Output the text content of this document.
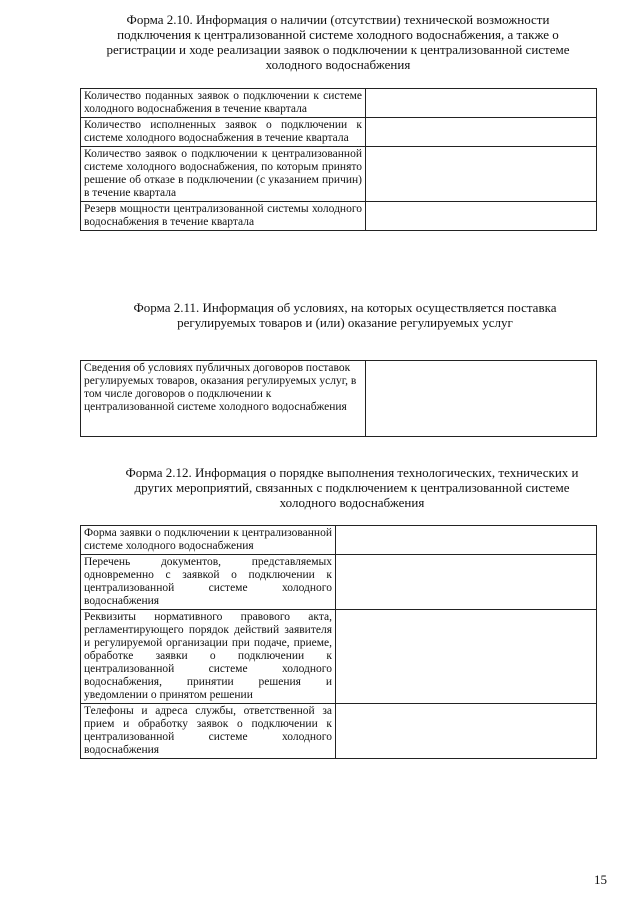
Форма 2.10. Информация о наличии (отсутствии) технической возможности
подключения к централизованной системе холодного водоснабжения, а также о
регистрации и ходе реализации заявок о подключении к централизованной системе
холодного водоснабжения
Количество поданных заявок о подключении к системе холодного водоснабжения в течение квартала	
Количество исполненных заявок о подключении к системе холодного водоснабжения в течение квартала	
Количество заявок о подключении к централизованной системе холодного водоснабжения, по которым принято решение об отказе в подключении (с указанием причин) в течение квартала	
Резерв мощности централизованной системы холодного водоснабжения в течение квартала	
Форма 2.11. Информация об условиях, на которых осуществляется поставка
регулируемых товаров и (или) оказание регулируемых услуг
Сведения об условиях публичных договоров поставок регулируемых товаров, оказания регулируемых услуг, в том числе договоров о подключении к централизованной системе холодного водоснабжения	
Форма 2.12. Информация о порядке выполнения технологических, технических и
других мероприятий, связанных с подключением к централизованной системе
холодного водоснабжения
Форма заявки о подключении к централизованной системе холодного водоснабжения	
Перечень документов, представляемых одновременно с заявкой о подключении к централизованной системе холодного водоснабжения	
Реквизиты нормативного правового акта, регламентирующего порядок действий заявителя и регулируемой организации при подаче, приеме, обработке заявки о подключении к централизованной системе холодного водоснабжения, принятии решения и уведомлении о принятом решении	
Телефоны и адреса службы, ответственной за прием и обработку заявок о подключении к централизованной системе холодного водоснабжения	
15
